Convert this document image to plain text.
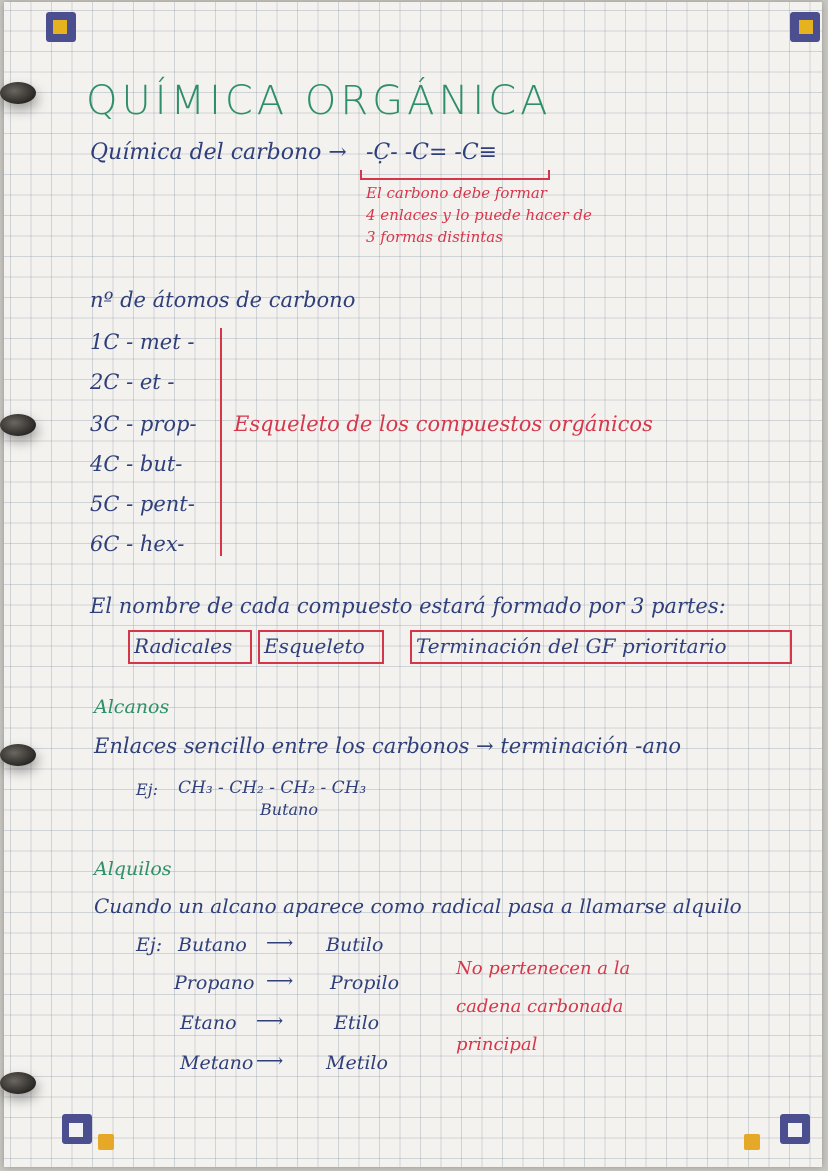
QUÍMICA ORGÁNICA
Química del carbono → -C̣- -C= -C≡
El carbono debe formar
4 enlaces y lo puede hacer de
3 formas distintas
nº de átomos de carbono
1C - met -
2C - et -
3C - prop-
4C - but-
5C - pent-
6C - hex-
Esqueleto de los compuestos orgánicos
El nombre de cada compuesto estará formado por 3 partes:
Radicales Esqueleto	Terminación del GF prioritario
Alcanos
Enlaces sencillo entre los carbonos → terminación -ano
Ej: CH₃ - CH₂ - CH₂ - CH₃
Butano
Alquilos
Cuando un alcano aparece como radical pasa a llamarse alquilo
Ej: Butano ⟶ Butilo
Propano ⟶ Propilo
Etano ⟶	Etilo
Metano ⟶ Metilo
No pertenecen a la
cadena carbonada
principal
